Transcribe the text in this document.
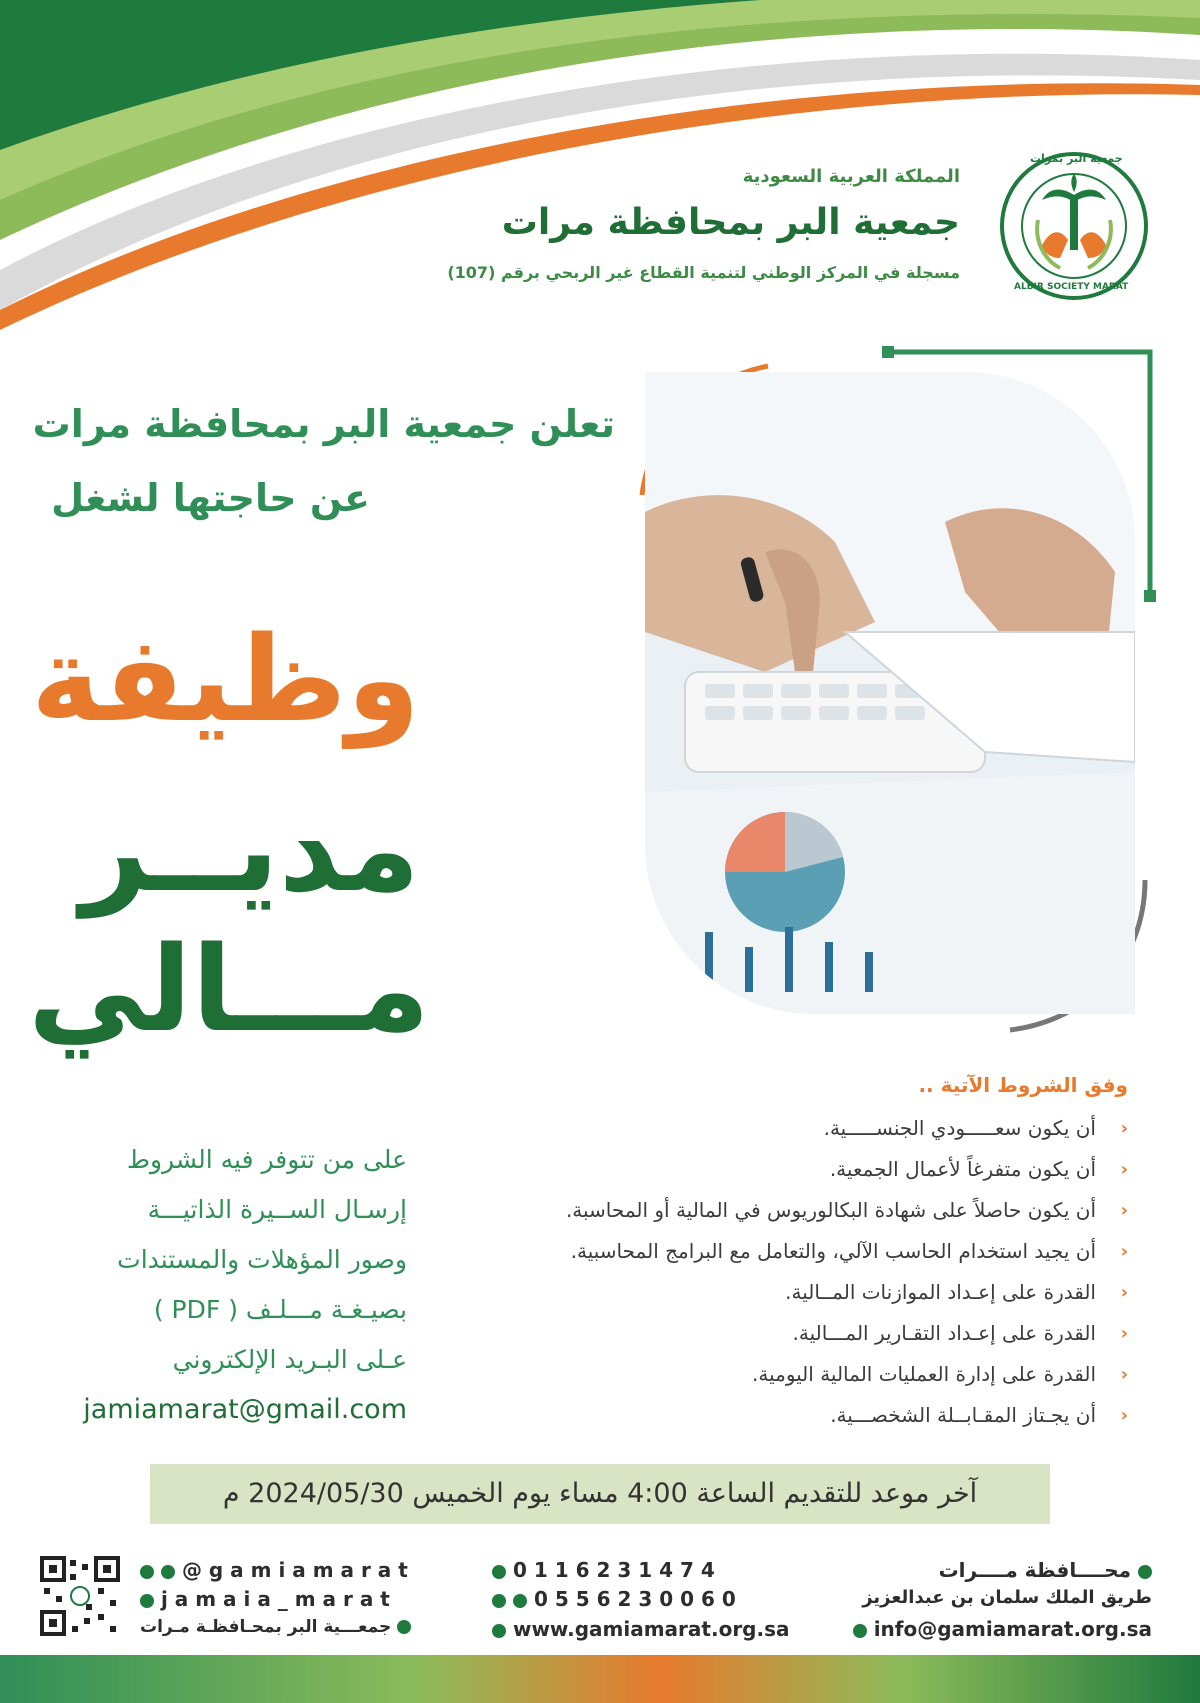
جمعية البر بمرات
ALBIR SOCIETY MARAT
المملكة العربية السعودية
جمعية البر بمحافظة مرات
مسجلة في المركز الوطني لتنمية القطاع غير الربحي برقم (107)
تعلن جمعية البر بمحافظة مرات
عن حاجتها لشغل
وظيفة
مديــر
مـــالي
وفق الشروط الآتية ..
‹
أن يكون سعـــــودي الجنســـــية.
‹
أن يكون متفرغاً لأعمال الجمعية.
‹
أن يكون حاصلاً على شهادة البكالوريوس في المالية أو المحاسبة.
‹
أن يجيد استخدام الحاسب الآلي، والتعامل مع البرامج المحاسبية.
‹
القدرة على إعـداد الموازنات المــالية.
‹
القدرة على إعـداد التقـارير المـــالية.
‹
القدرة على إدارة العمليات المالية اليومية.
‹
أن يجـتاز المقـابــلة الشخصـــية.
على من تتوفر فيه الشروط
إرسـال الســيرة الذاتيـــة
وصور المؤهلات والمستندات
بصيـغـة مـــلـف ( PDF )
عـلى البـريد الإلكتروني
jamiamarat@gmail.com
آخر موعد للتقديم الساعة 4:00 مساء يوم الخميس 2024/05/30 م
@ g a m i a m a r a t
j a m a i a _ m a r a t
جمعـــية البر بمحـافظـة مـرات
0 1 1 6 2 3 1 4 7 4
0 5 5 6 2 3 0 0 6 0
www.gamiamarat.org.sa
محــــافظة مــــرات
طريق الملك سلمان بن عبدالعزيز
info@gamiamarat.org.sa
